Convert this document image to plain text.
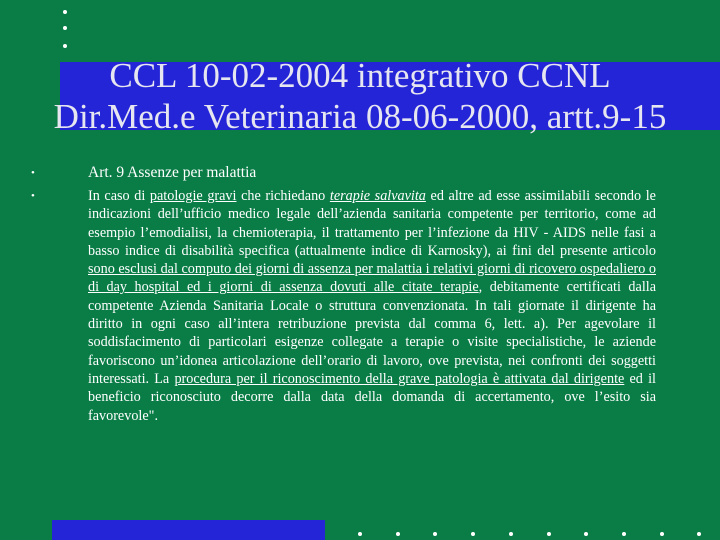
CCL 10-02-2004 integrativo CCNL
Dir.Med.e Veterinaria 08-06-2000, artt.9-15
•
•
Art. 9 Assenze per malattia
In caso di patologie gravi che richiedano terapie salvavita ed altre ad esse assimilabili secondo le indicazioni dell’ufficio medico legale dell’azienda sanitaria competente per territorio, come ad esempio l’emodialisi, la chemioterapia, il trattamento per l’infezione da HIV - AIDS nelle fasi a basso indice di disabilità specifica (attualmente indice di Karnosky), ai fini del presente articolo sono esclusi dal computo dei giorni di assenza per malattia i relativi giorni di ricovero ospedaliero o di day hospital ed i giorni di assenza dovuti alle citate terapie, debitamente certificati dalla competente Azienda Sanitaria Locale o struttura convenzionata. In tali giornate il dirigente ha diritto in ogni caso all’intera retribuzione prevista dal comma 6, lett. a). Per agevolare il soddisfacimento di particolari esigenze collegate a terapie o visite specialistiche, le aziende favoriscono un’idonea articolazione dell’orario di lavoro, ove prevista, nei confronti dei soggetti interessati. La procedura per il riconoscimento della grave patologia è attivata dal dirigente ed il beneficio riconosciuto decorre dalla data della domanda di accertamento, ove l’esito sia favorevole".
